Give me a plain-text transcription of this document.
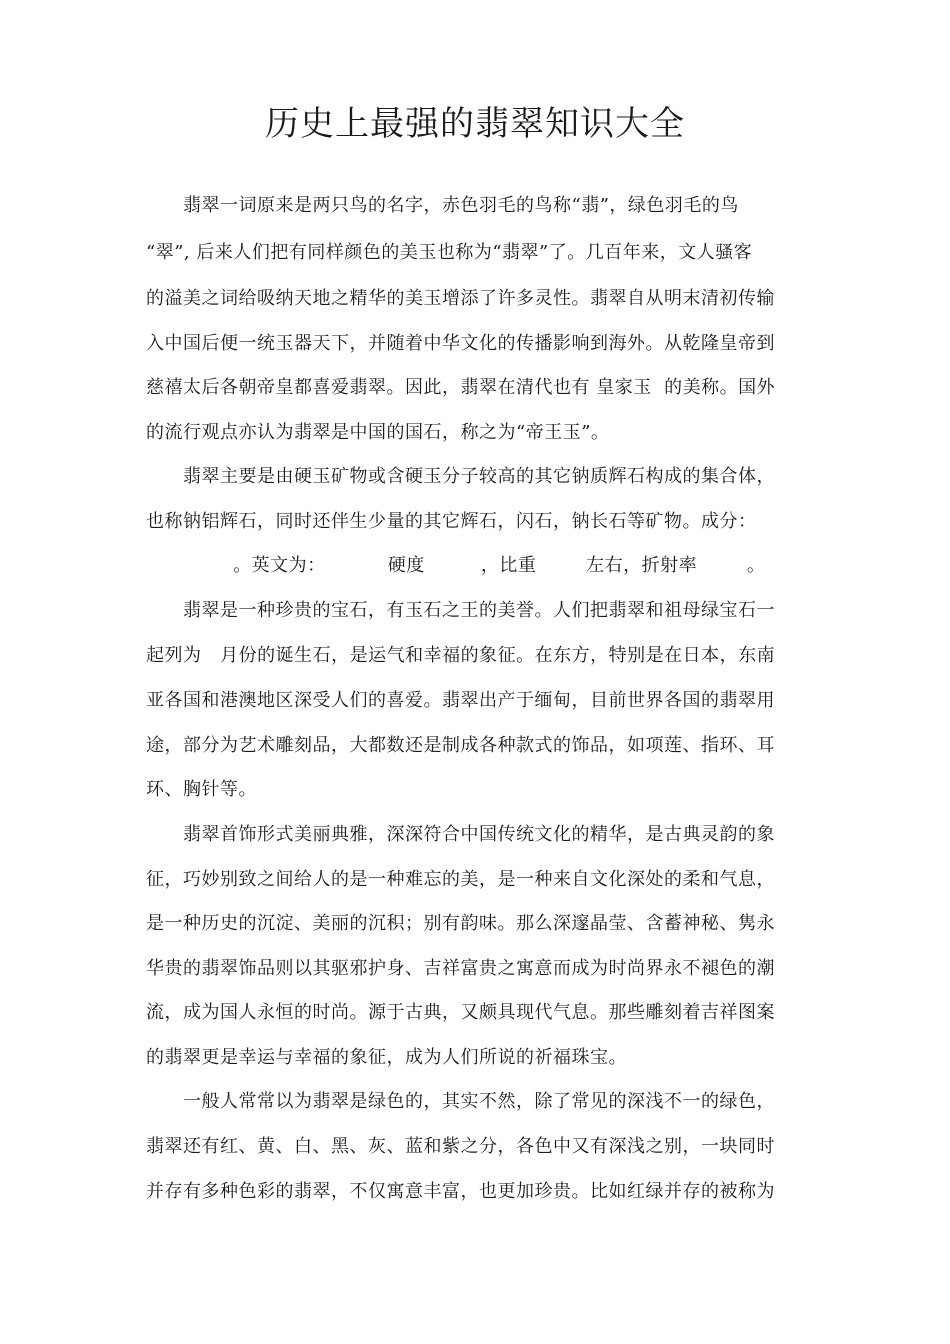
历史上最强的翡翠知识大全
　　翡翠一词原来是两只鸟的名字，赤色羽毛的鸟称“翡”，绿色羽毛的鸟
“翠”, 后来人们把有同样颜色的美玉也称为“翡翠”了。几百年来，文人骚客
的溢美之词给吸纳天地之精华的美玉增添了许多灵性。翡翠自从明末清初传输
入中国后便一统玉器天下，并随着中华文化的传播影响到海外。从乾隆皇帝到
慈禧太后各朝帝皇都喜爱翡翠。因此，翡翠在清代也有 皇家玉  的美称。国外
的流行观点亦认为翡翠是中国的国石，称之为“帝王玉”。
　　翡翠主要是由硬玉矿物或含硬玉分子较高的其它钠质辉石构成的集合体，
也称钠铝辉石，同时还伴生少量的其它辉石，闪石，钠长石等矿物。成分：
。英文为：          硬度         ，比重        左右，折射率        。
　　翡翠是一种珍贵的宝石，有玉石之王的美誉。人们把翡翠和祖母绿宝石一
起列为   月份的诞生石，是运气和幸福的象征。在东方，特别是在日本，东南
亚各国和港澳地区深受人们的喜爱。翡翠出产于缅甸，目前世界各国的翡翠用
途，部分为艺术雕刻品，大都数还是制成各种款式的饰品，如项莲、指环、耳
环、胸针等。
　　翡翠首饰形式美丽典雅，深深符合中国传统文化的精华，是古典灵韵的象
征，巧妙别致之间给人的是一种难忘的美，是一种来自文化深处的柔和气息，
是一种历史的沉淀、美丽的沉积；别有韵味。那么深邃晶莹、含蓄神秘、隽永
华贵的翡翠饰品则以其驱邪护身、吉祥富贵之寓意而成为时尚界永不褪色的潮
流，成为国人永恒的时尚。源于古典，又颇具现代气息。那些雕刻着吉祥图案
的翡翠更是幸运与幸福的象征，成为人们所说的祈福珠宝。
　　一般人常常以为翡翠是绿色的，其实不然，除了常见的深浅不一的绿色，
翡翠还有红、黄、白、黑、灰、蓝和紫之分，各色中又有深浅之别，一块同时
并存有多种色彩的翡翠，不仅寓意丰富，也更加珍贵。比如红绿并存的被称为
